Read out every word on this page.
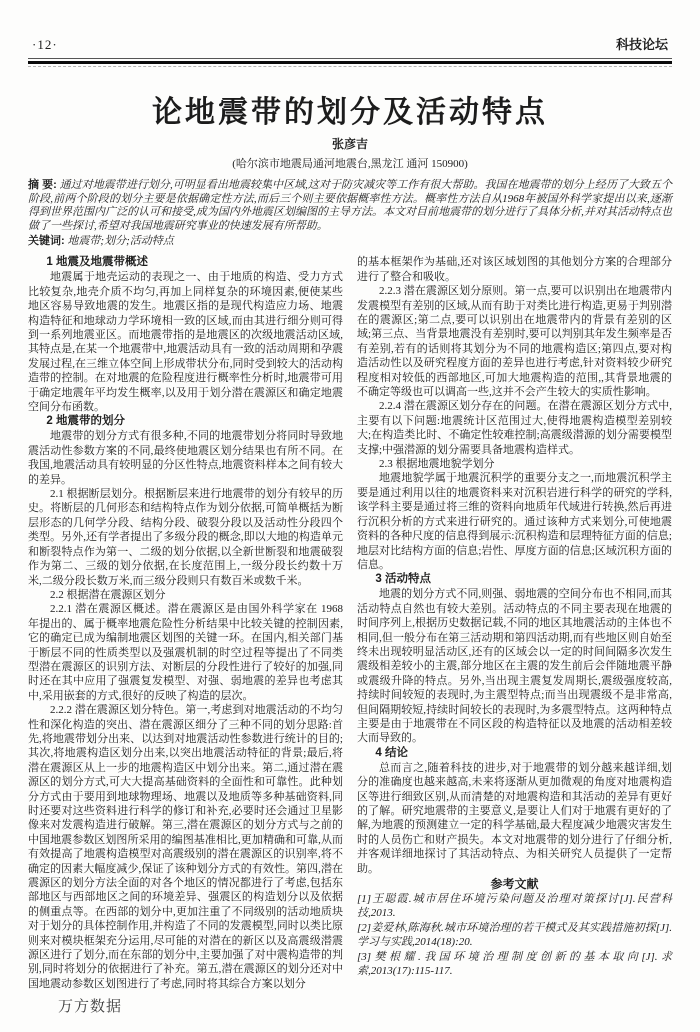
·12·	科技论坛
论地震带的划分及活动特点
张彦吉
(哈尔滨市地震局通河地震台,黑龙江 通河 150900)
摘 要: 通过对地震带进行划分,可明显看出地震较集中区域,这对于防灾减灾等工作有很大帮助。我国在地震带的划分上经历了大致五个阶段,前两个阶段的划分主要是依据确定性方法,而后三个则主要依据概率性方法。概率性方法自从1968年被国外科学家提出以来,逐渐得到世界范围内广泛的认可和接受,成为国内外地震区划编图的主导方法。本文对目前地震带的划分进行了具体分析,并对其活动特点也做了一些探讨,希望对我国地震研究事业的快速发展有所帮助。
关键词: 地震带;划分;活动特点
1 地震及地震带概述

地震属于地壳运动的表现之一、由于地质的构造、受力方式比较复杂,地壳介质不均匀,再加上同样复杂的环境因素,便使某些地区容易导致地震的发生。地震区指的是现代构造应力场、地震构造特征和地球动力学环境相一致的区域,而由其进行细分则可得到一系列地震亚区。而地震带指的是地震区的次级地震活动区域,其特点是,在某一个地震带中,地震活动具有一致的活动周期和孕震发展过程,在三维立体空间上形成带状分布,同时受到较大的活动构造带的控制。在对地震的危险程度进行概率性分析时,地震带可用于确定地震年平均发生概率,以及用于划分潜在震源区和确定地震空间分布函数。

2 地震带的划分

地震带的划分方式有很多种,不同的地震带划分将同时导致地震活动性参数方案的不同,最终使地震区划分结果也有所不同。在我国,地震活动具有较明显的分区性特点,地震资料样本之间有较大的差异。

2.1 根据断层划分。根据断层来进行地震带的划分有较早的历史。将断层的几何形态和结构特点作为划分依据,可简单概括为断层形态的几何学分段、结构分段、破裂分段以及活动性分段四个类型。另外,还有学者提出了多级分段的概念,即以大地的构造单元和断裂特点作为第一、二级的划分依据,以全新世断裂和地震破裂作为第二、三级的划分依据,在长度范围上,一级分段长约数十万米,二级分段长数万米,而三级分段则只有数百米或数千米。

2.2 根据潜在震源区划分

2.2.1 潜在震源区概述。潜在震源区是由国外科学家在 1968 年提出的、属于概率地震危险性分析结果中比较关键的控制因素,它的确定已成为编制地震区划图的关键一环。在国内,相关部门基于断层不同的性质类型以及强震机制的时空过程等提出了不同类型潜在震源区的识别方法、对断层的分段性进行了较好的加强,同时还在其中应用了强震复发模型、对强、弱地震的差异也考虑其中,采用嵌套的方式,很好的反映了构造的层次。

2.2.2 潜在震源区划分特色。第一,考虑到对地震活动的不均匀性和深化构造的突出、潜在震源区细分了三种不同的划分思路:首先,将地震带划分出来、以达到对地震活动性参数进行统计的目的;其次,将地震构造区划分出来,以突出地震活动特征的背景;最后,将潜在震源区从上一步的地震构造区中划分出来。第二,通过潜在震源区的划分方式,可大大提高基础资料的全面性和可靠性。此种划分方式由于要用到地球物理场、地震以及地质等多种基础资料,同时还要对这些资料进行科学的修订和补充,必要时还会通过卫星影像来对发震构造进行破解。第三,潜在震源区的划分方式与之前的中国地震参数区划图所采用的编图基准相比,更加精确和可靠,从而有效提高了地震构造模型对高震级别的潜在震源区的识别率,将不确定的因素大幅度减少,保证了该种划分方式的有效性。第四,潜在震源区的划分方法全面的对各个地区的情况都进行了考虑,包括东部地区与西部地区之间的环境差异、强震区的构造划分以及依据的侧重点等。在西部的划分中,更加注重了不同级别的活动地质块对于划分的具体控制作用,并构造了不同的发震模型,同时以类比原则来对模块框架充分运用,尽可能的对潜在的新区以及高震级潜震源区进行了划分,而在东部的划分中,主要加强了对中震构造带的判别,同时将划分的依据进行了补充。第五,潜在震源区的划分还对中国地震动参数区划图进行了考虑,同时将其综合方案以划分

的基本框架作为基础,还对该区域划图的其他划分方案的合理部分进行了整合和吸收。

2.2.3 潜在震源区划分原则。第一点,要可以识别出在地震带内发震模型有差别的区域,从而有助于对类比进行构造,更易于判别潜在的震源区;第二点,要可以识别出在地震带内的背景有差别的区域;第三点、当背景地震没有差别时,要可以判别其年发生频率是否有差别,若有的话则将其划分为不同的地震构造区;第四点,要对构造活动性以及研究程度方面的差异也进行考虑,针对资料较少研究程度相对较低的西部地区,可加大地震构造的范围,,其背景地震的不确定等级也可以调高一些,这并不会产生较大的实质性影响。

2.2.4 潜在震源区划分存在的问题。在潜在震源区划分方式中,主要有以下问题:地震统计区范围过大,使得地震构造模型差别较大;在构造类比时、不确定性较难控制;高震级潜源的划分需要模型支撑;中强潜源的划分需要具备地震构造样式。

2.3 根据地震地貌学划分

地震地貌学属于地震沉积学的重要分支之一,而地震沉积学主要是通过利用以往的地震资料来对沉积岩进行科学的研究的学科,该学科主要是通过将三维的资料向地质年代域进行转换,然后再进行沉积分析的方式来进行研究的。通过该种方式来划分,可使地震资料的各种尺度的信息得到展示:沉积构造和层理特征方面的信息;地层对比结构方面的信息;岩性、厚度方面的信息;区域沉积方面的信息。

3 活动特点

地震的划分方式不同,则强、弱地震的空间分布也不相同,而其活动特点自然也有较大差别。活动特点的不同主要表现在地震的时间序列上,根据历史数据记载,不同的地区其地震活动的主体也不相同,但一般分布在第三活动期和第四活动期,而有些地区则自始至终未出现较明显活动区,还有的区域会以一定的时间间隔多次发生震级相差较小的主震,部分地区在主震的发生前后会伴随地震平静或震级升降的特点。另外,当出现主震复发周期长,震级强度较高,持续时间较短的表现时,为主震型特点;而当出现震级不是非常高,但间隔期较短,持续时间较长的表现时,为多震型特点。这两种特点主要是由于地震带在不同区段的构造特征以及地震的活动相差较大而导致的。

4 结论

总而言之,随着科技的进步,对于地震带的划分越来越详细,划分的准确度也越来越高,未来将逐渐从更加微观的角度对地震构造区等进行细致区别,从而清楚的对地震构造和其活动的差异有更好的了解。研究地震带的主要意义,是要让人们对于地震有更好的了解,为地震的预测建立一定的科学基础,最大程度减少地震灾害发生时的人员伤亡和财产损失。本文对地震带的划分进行了仔细分析,并客观详细地探讨了其活动特点、为相关研究人员提供了一定帮助。

参考文献

[1]王聪霞.城市居住环境污染问题及治理对策探讨[J].民营科技,2013.

[2]姜爱林,陈海秋.城市环境治理的若干模式及其实践措施初探[J].学习与实践,2014(18):20.

[3]樊根耀.我国环境治理制度创新的基本取向[J].求索,2013(17):115-117.

万方数据
